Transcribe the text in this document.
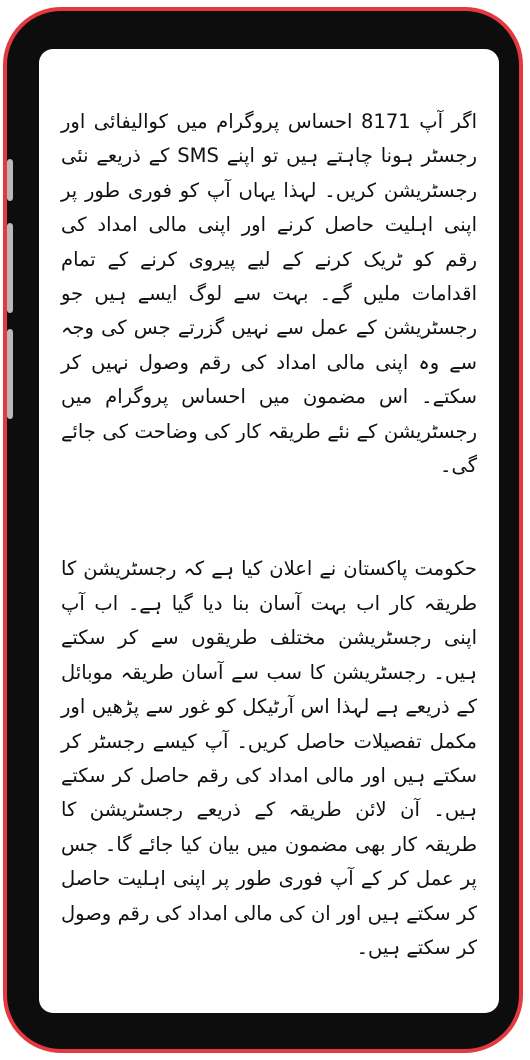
اگر آپ 8171 احساس پروگرام میں کوالیفائی اور رجسٹر ہونا چاہتے ہیں تو اپنے SMS کے ذریعے نئی رجسٹریشن کریں۔ لہذا یہاں آپ کو فوری طور پر اپنی اہلیت حاصل کرنے اور اپنی مالی امداد کی رقم کو ٹریک کرنے کے لیے پیروی کرنے کے تمام اقدامات ملیں گے۔ بہت سے لوگ ایسے ہیں جو رجسٹریشن کے عمل سے نہیں گزرتے جس کی وجہ سے وہ اپنی مالی امداد کی رقم وصول نہیں کر سکتے۔ اس مضمون میں احساس پروگرام میں رجسٹریشن کے نئے طریقہ کار کی وضاحت کی جائے گی۔

حکومت پاکستان نے اعلان کیا ہے کہ رجسٹریشن کا طریقہ کار اب بہت آسان بنا دیا گیا ہے۔ اب آپ اپنی رجسٹریشن مختلف طریقوں سے کر سکتے ہیں۔ رجسٹریشن کا سب سے آسان طریقہ موبائل کے ذریعے ہے لہذا اس آرٹیکل کو غور سے پڑھیں اور مکمل تفصیلات حاصل کریں۔ آپ کیسے رجسٹر کر سکتے ہیں اور مالی امداد کی رقم حاصل کر سکتے ہیں۔ آن لائن طریقہ کے ذریعے رجسٹریشن کا طریقہ کار بھی مضمون میں بیان کیا جائے گا۔ جس پر عمل کر کے آپ فوری طور پر اپنی اہلیت حاصل کر سکتے ہیں اور ان کی مالی امداد کی رقم وصول کر سکتے ہیں۔
